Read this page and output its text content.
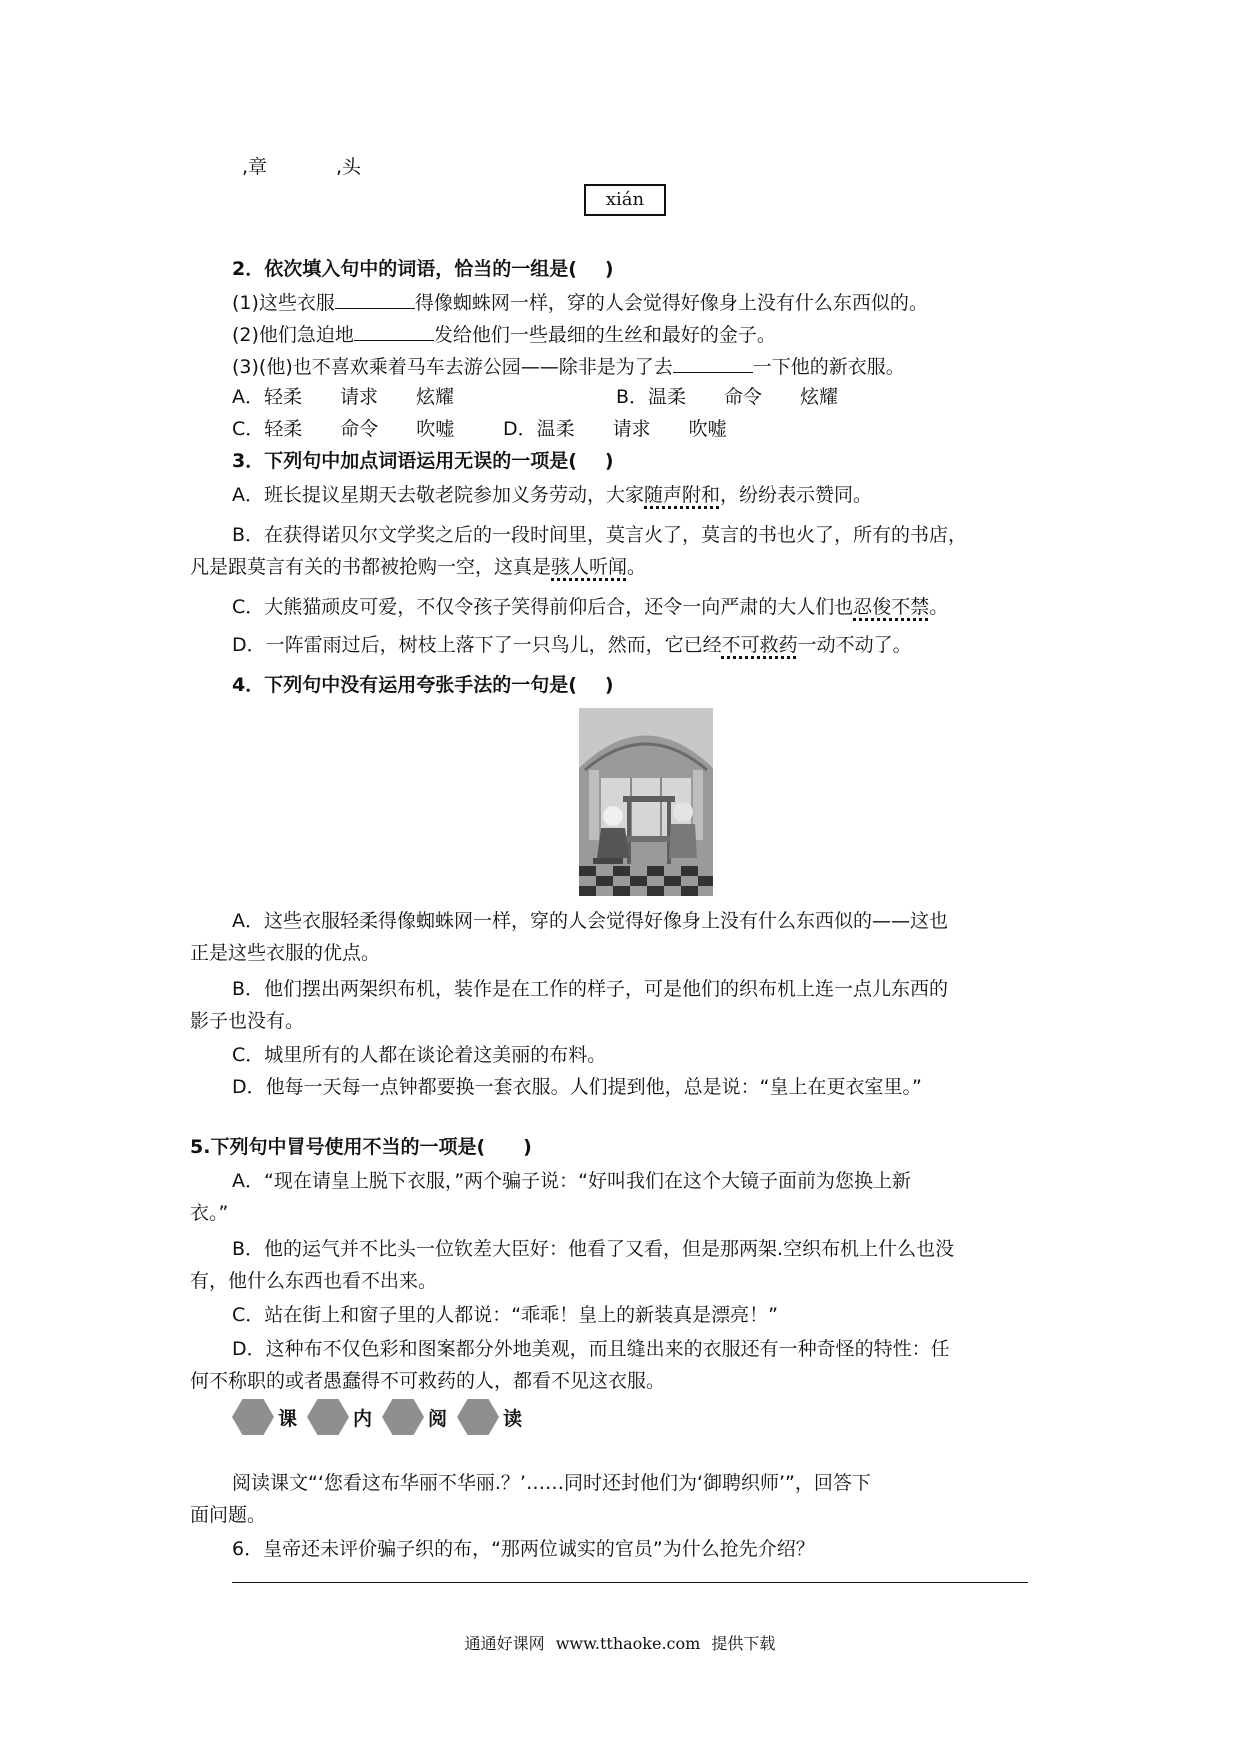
,章	,头
xián
2．依次填入句中的词语，恰当的一组是( )
(1)这些衣服	得像蜘蛛网一样，穿的人会觉得好像身上没有什么东西似的。
(2)他们急迫地	发给他们一些最细的生丝和最好的金子。
(3)(他)也不喜欢乘着马车去游公园——除非是为了去	一下他的新衣服。
A．轻柔　　请求　　炫耀	B．温柔　　命令　　炫耀
C．轻柔　　命令　　吹嘘	D．温柔　　请求　　吹嘘
3．下列句中加点词语运用无误的一项是( )
A．班长提议星期天去敬老院参加义务劳动，大家随声附和，纷纷表示赞同。
B．在获得诺贝尔文学奖之后的一段时间里，莫言火了，莫言的书也火了，所有的书店，
凡是跟莫言有关的书都被抢购一空，这真是骇人听闻。
C．大熊猫顽皮可爱，不仅令孩子笑得前仰后合，还令一向严肃的大人们也忍俊不禁。
D．一阵雷雨过后，树枝上落下了一只鸟儿，然而，它已经不可救药一动不动了。
4．下列句中没有运用夸张手法的一句是( )
A．这些衣服轻柔得像蜘蛛网一样，穿的人会觉得好像身上没有什么东西似的——这也
正是这些衣服的优点。
B．他们摆出两架织布机，装作是在工作的样子，可是他们的织布机上连一点儿东西的
影子也没有。
C．城里所有的人都在谈论着这美丽的布料。
D．他每一天每一点钟都要换一套衣服。人们提到他，总是说：“皇上在更衣室里。”
5.下列句中冒号使用不当的一项是( )
A．“现在请皇上脱下衣服，”两个骗子说：“好叫我们在这个大镜子面前为您换上新
衣。”
B．他的运气并不比头一位钦差大臣好：他看了又看，但是那两架.空织布机上什么也没
有，他什么东西也看不出来。
C．站在街上和窗子里的人都说：“乖乖！皇上的新装真是漂亮！”
D．这种布不仅色彩和图案都分外地美观，而且缝出来的衣服还有一种奇怪的特性：任
何不称职的或者愚蠢得不可救药的人，都看不见这衣服。
课	内	阅	读
阅读课文“‘您看这布华丽不华丽.？’……同时还封他们为‘御聘织师’”，回答下
面问题。
6．皇帝还未评价骗子织的布，“那两位诚实的官员”为什么抢先介绍？
通通好课网 www.tthaoke.com 提供下载
